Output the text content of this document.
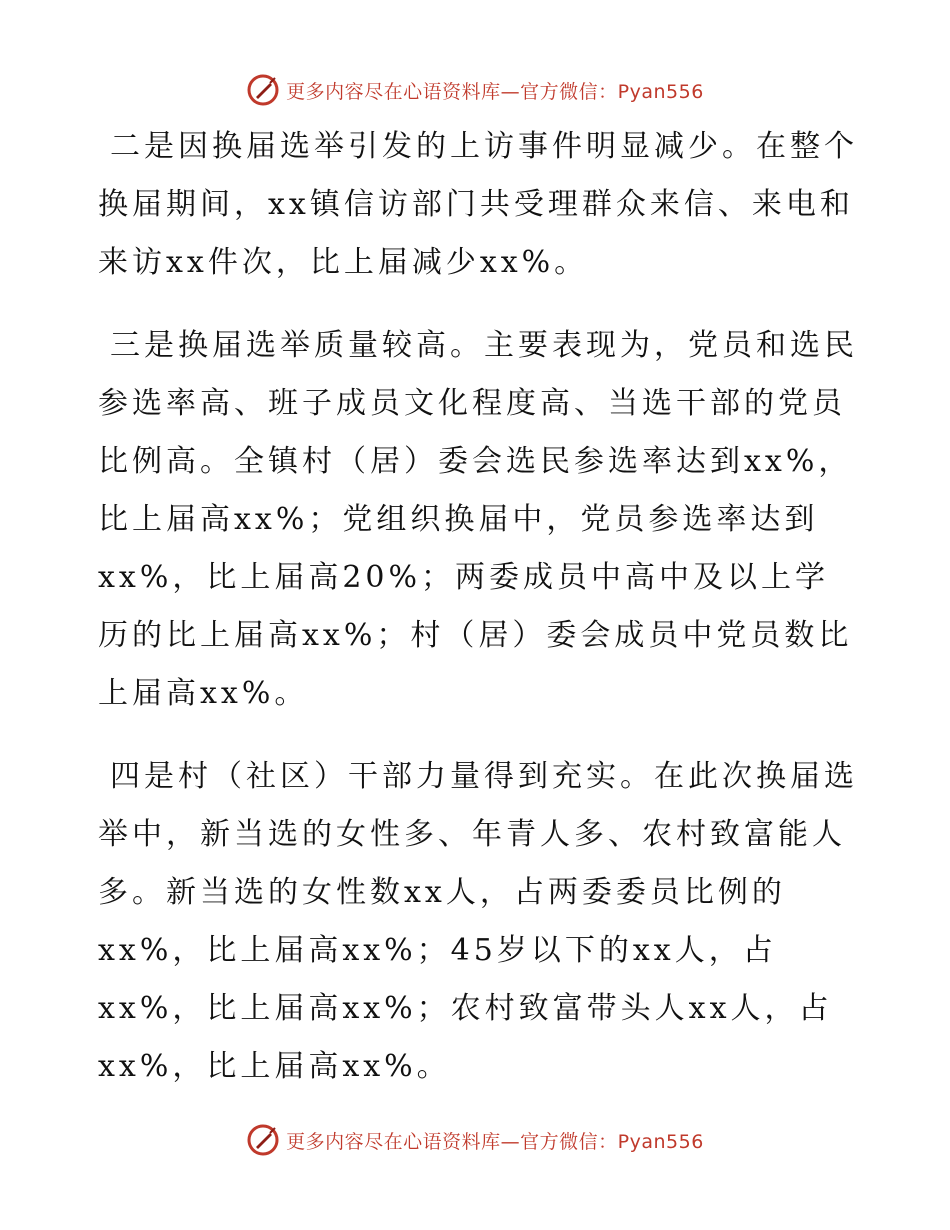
更多内容尽在心语资料库—官方微信：Pyan556

二是因换届选举引发的上访事件明显减少。在整个换届期间，xx镇信访部门共受理群众来信、来电和来访xx件次，比上届减少xx%。

三是换届选举质量较高。主要表现为，党员和选民参选率高、班子成员文化程度高、当选干部的党员比例高。全镇村（居）委会选民参选率达到xx%，比上届高xx%；党组织换届中，党员参选率达到xx%，比上届高20%；两委成员中高中及以上学历的比上届高xx%；村（居）委会成员中党员数比上届高xx%。

四是村（社区）干部力量得到充实。在此次换届选举中，新当选的女性多、年青人多、农村致富能人多。新当选的女性数xx人，占两委委员比例的xx%，比上届高xx%；45岁以下的xx人，占xx%，比上届高xx%；农村致富带头人xx人，占xx%，比上届高xx%。

更多内容尽在心语资料库—官方微信：Pyan556
